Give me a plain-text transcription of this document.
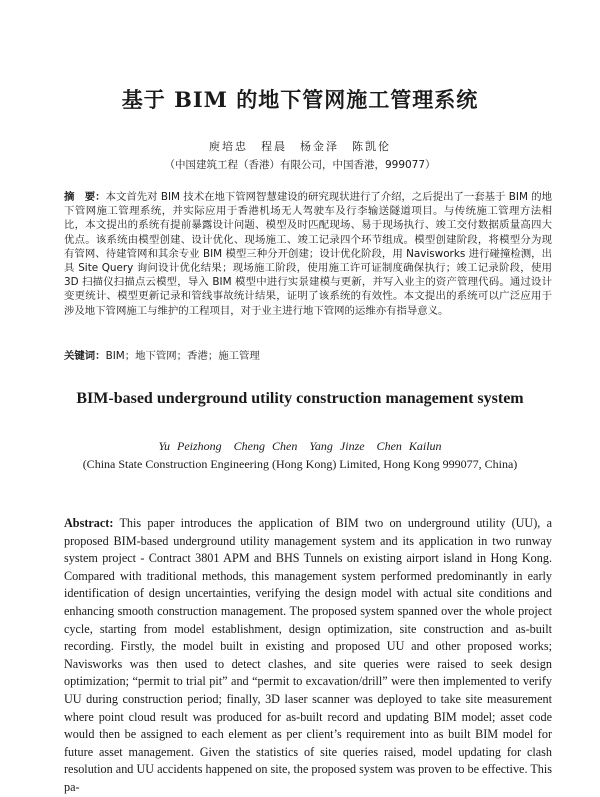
基于 BIM 的地下管网施工管理系统
庾培忠　程晨　杨金泽　陈凯伦
（中国建筑工程（香港）有限公司，中国香港，999077）

摘　要：本文首先对 BIM 技术在地下管网智慧建设的研究现状进行了介绍，之后提出了一套基于 BIM 的地下管网施工管理系统，并实际应用于香港机场无人驾驶车及行李输送隧道项目。与传统施工管理方法相比，本文提出的系统有提前暴露设计问题、模型及时匹配现场、易于现场执行、竣工交付数据质量高四大优点。该系统由模型创建、设计优化、现场施工、竣工记录四个环节组成。模型创建阶段，将模型分为现有管网、待建管网和其余专业 BIM 模型三种分开创建；设计优化阶段，用 Navisworks 进行碰撞检测，出具 Site Query 询问设计优化结果；现场施工阶段，使用施工许可证制度确保执行；竣工记录阶段，使用 3D 扫描仪扫描点云模型，导入 BIM 模型中进行实景建模与更新，并写入业主的资产管理代码。通过设计变更统计、模型更新记录和管线事故统计结果，证明了该系统的有效性。本文提出的系统可以广泛应用于涉及地下管网施工与维护的工程项目，对于业主进行地下管网的运维亦有指导意义。

关键词：BIM；地下管网；香港；施工管理

BIM-based underground utility construction management system
Yu Peizhong　Cheng Chen　Yang Jinze　Chen Kailun
(China State Construction Engineering (Hong Kong) Limited, Hong Kong 999077, China)

Abstract: This paper introduces the application of BIM two on underground utility (UU), a proposed BIM-based underground utility management system and its application in two runway system project - Contract 3801 APM and BHS Tunnels on existing airport island in Hong Kong. Compared with traditional methods, this management system performed predominantly in early identification of design uncertainties, verifying the design model with actual site conditions and enhancing smooth construction management. The proposed system spanned over the whole project cycle, starting from model establishment, design optimization, site construction and as-built recording. Firstly, the model built in existing and proposed UU and other proposed works; Navisworks was then used to detect clashes, and site queries were raised to seek design optimization; “permit to trial pit” and “permit to excavation/drill” were then implemented to verify UU during construction period; finally, 3D laser scanner was deployed to take site measurement where point cloud result was produced for as-built record and updating BIM model; asset code would then be assigned to each element as per client’s requirement into as built BIM model for future asset management. Given the statistics of site queries raised, model updating for clash resolution and UU accidents happened on site, the proposed system was proven to be effective. This pa-
